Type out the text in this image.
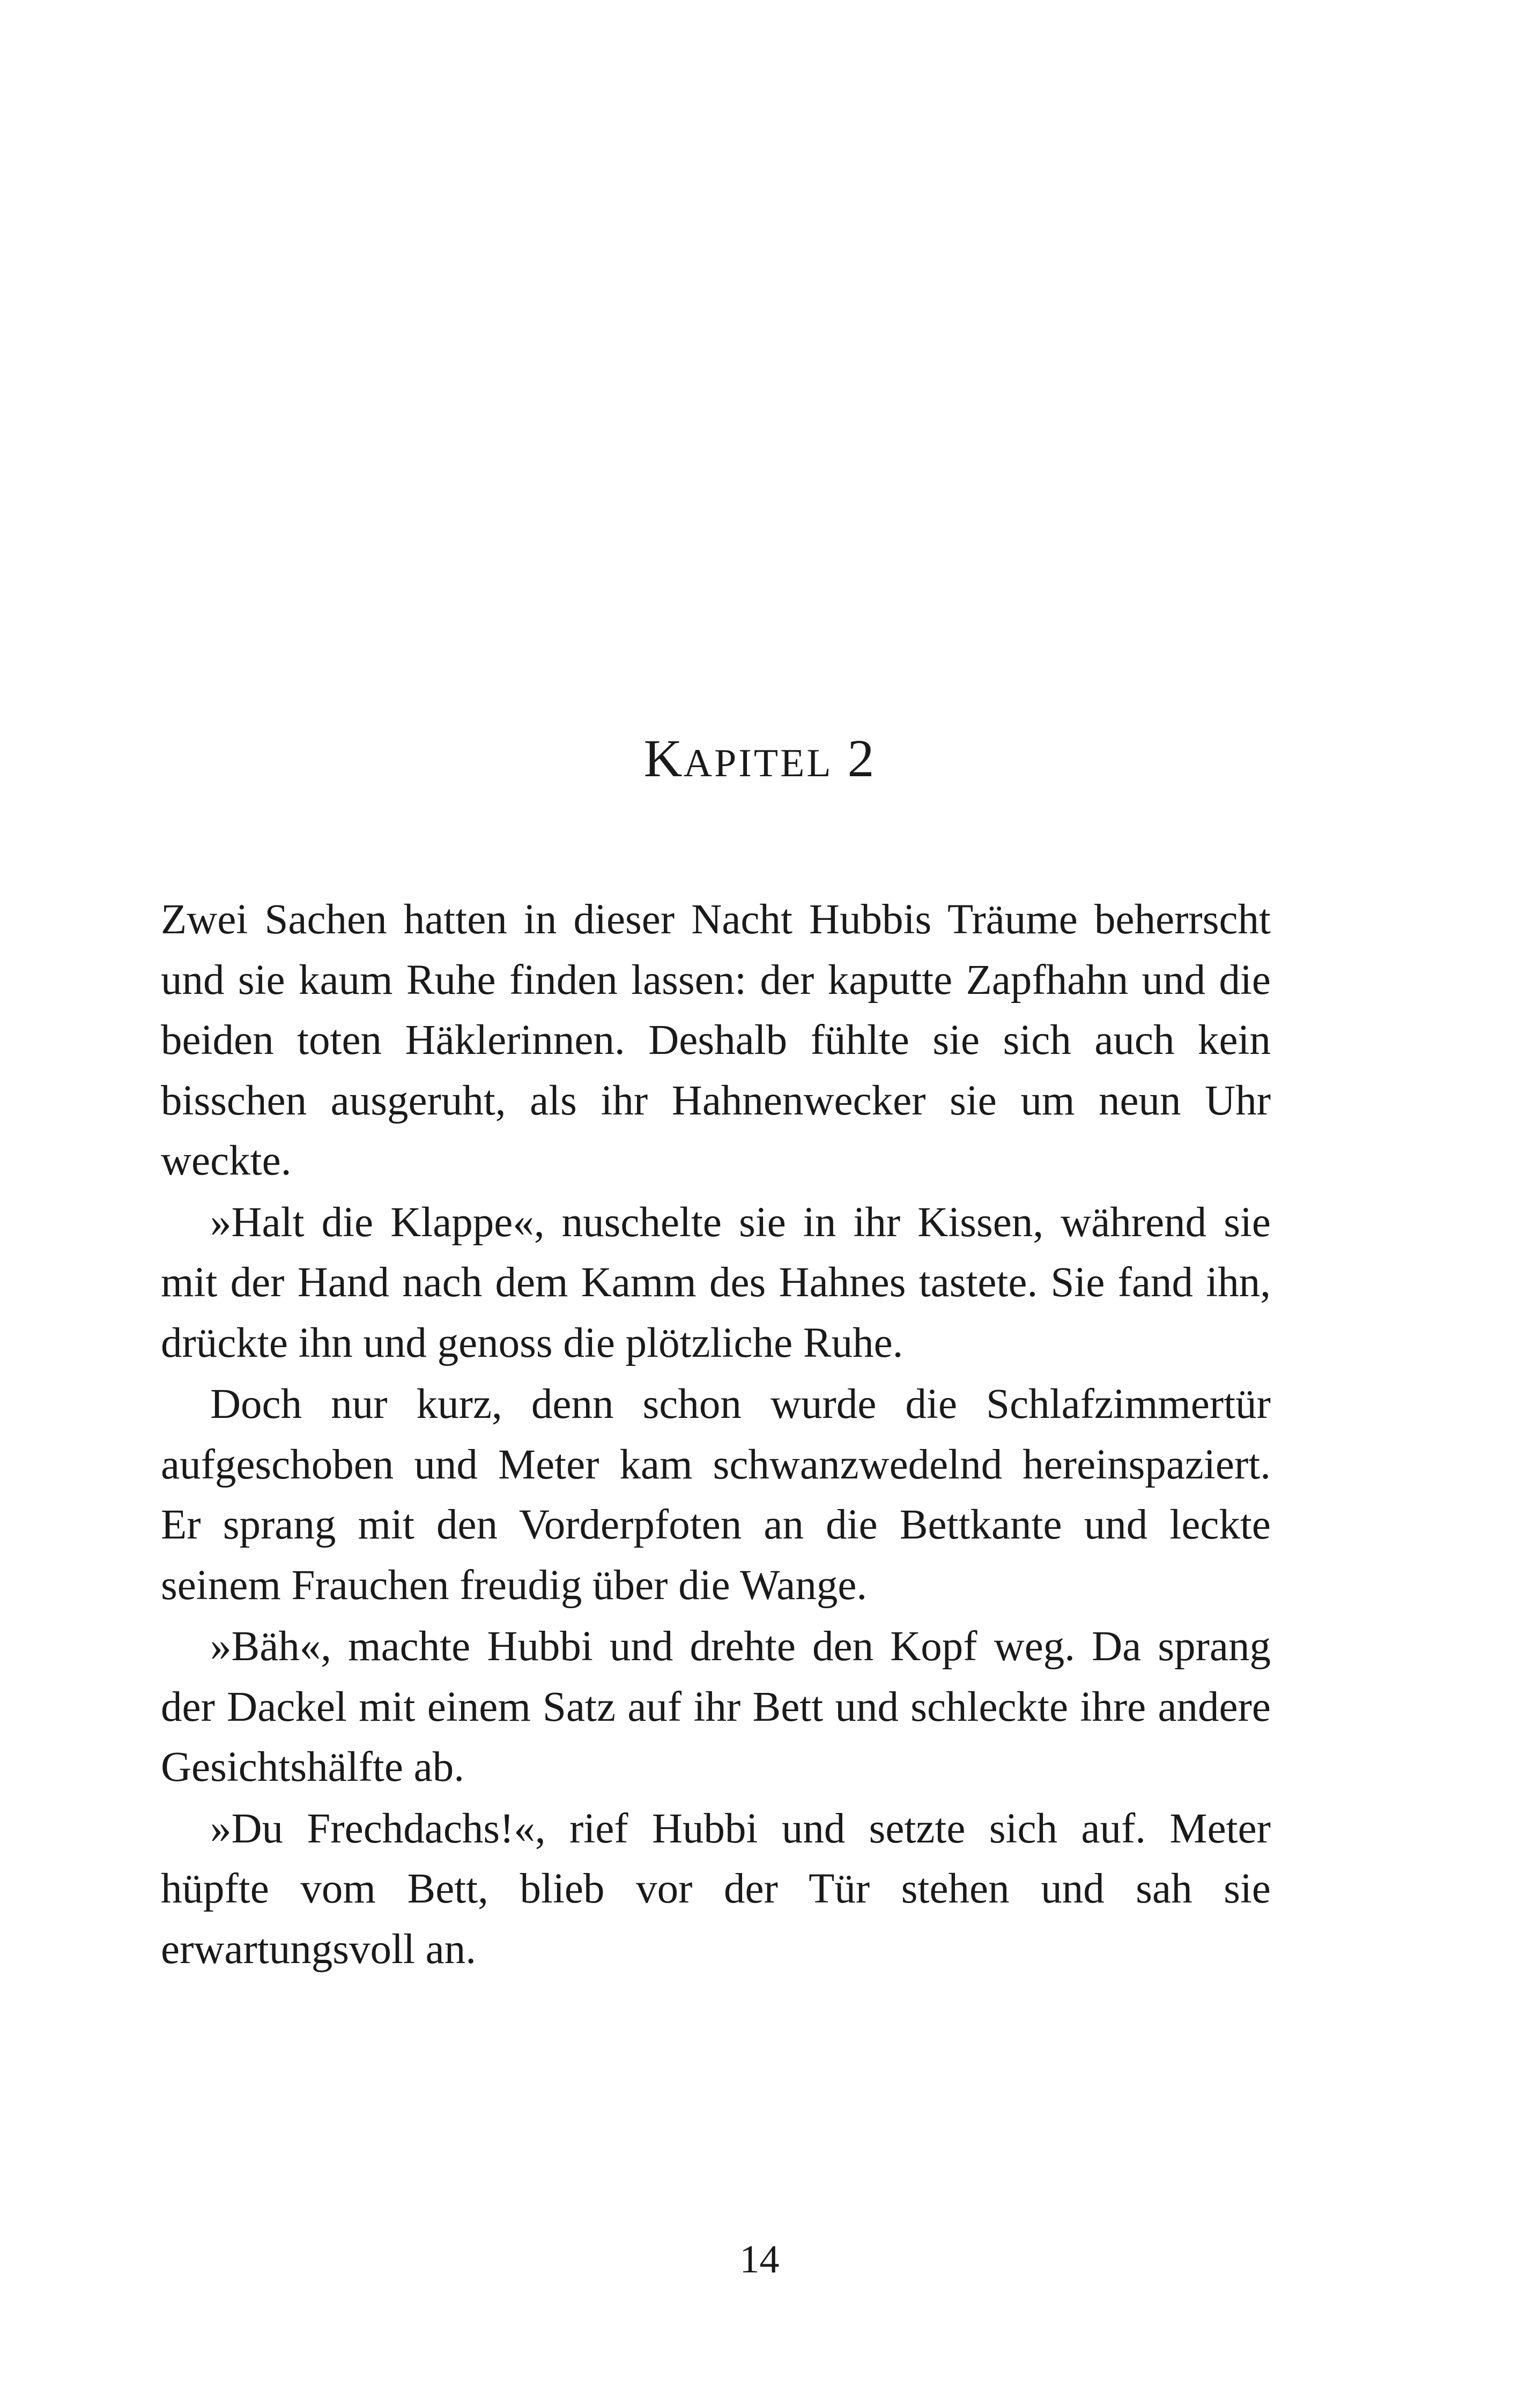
KAPITEL 2

Zwei Sachen hatten in dieser Nacht Hubbis Träume beherrscht und sie kaum Ruhe finden lassen: der kaputte Zapfhahn und die beiden toten Häklerinnen. Deshalb fühlte sie sich auch kein bisschen ausgeruht, als ihr Hahnenwecker sie um neun Uhr weckte.

»Halt die Klappe«, nuschelte sie in ihr Kissen, während sie mit der Hand nach dem Kamm des Hahnes tastete. Sie fand ihn, drückte ihn und genoss die plötzliche Ruhe.

Doch nur kurz, denn schon wurde die Schlafzimmertür aufgeschoben und Meter kam schwanzwedelnd hereinspaziert. Er sprang mit den Vorderpfoten an die Bettkante und leckte seinem Frauchen freudig über die Wange.

»Bäh«, machte Hubbi und drehte den Kopf weg. Da sprang der Dackel mit einem Satz auf ihr Bett und schleckte ihre andere Gesichtshälfte ab.

»Du Frechdachs!«, rief Hubbi und setzte sich auf. Meter hüpfte vom Bett, blieb vor der Tür stehen und sah sie erwartungsvoll an.

14
